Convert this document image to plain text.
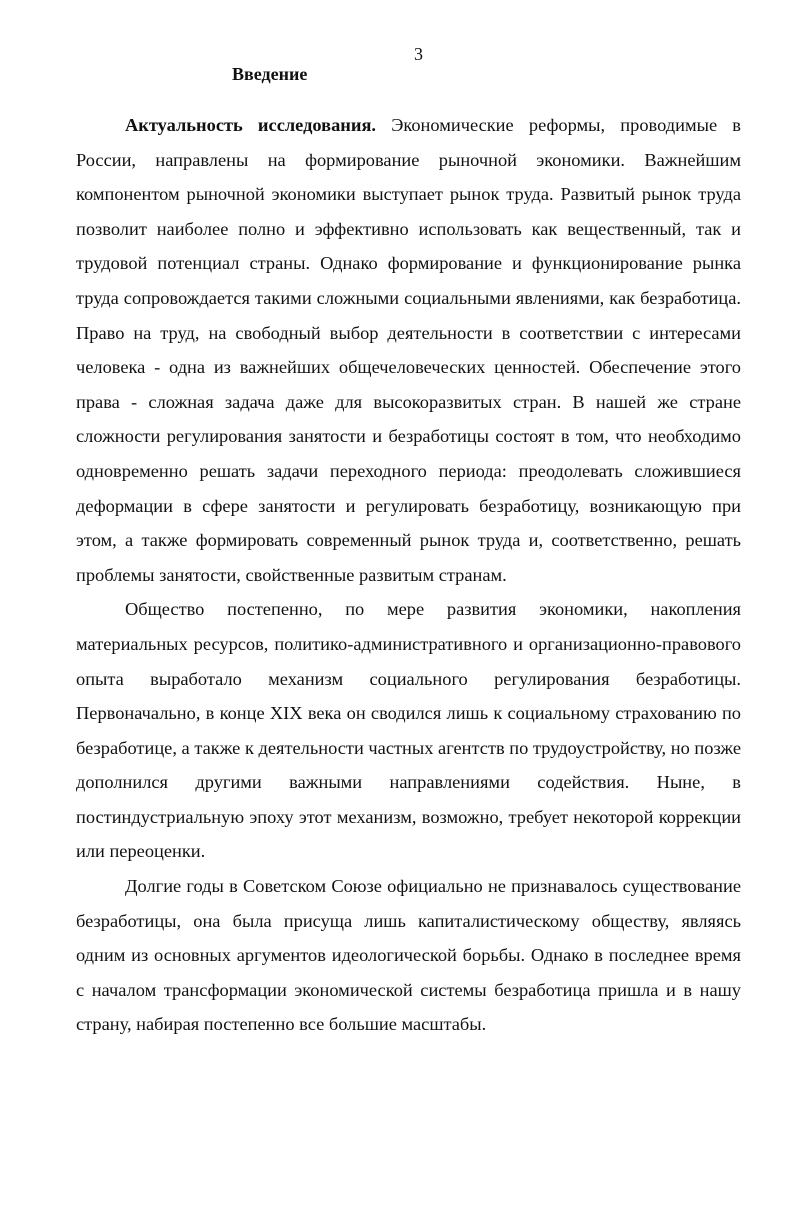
3
Введение

Актуальность исследования. Экономические реформы, проводимые в России, направлены на формирование рыночной экономики. Важнейшим компонентом рыночной экономики выступает рынок труда. Развитый рынок труда позволит наиболее полно и эффективно использовать как вещественный, так и трудовой потенциал страны. Однако формирование и функционирование рынка труда сопровождается такими сложными социальными явлениями, как безработица. Право на труд, на свободный выбор деятельности в соответствии с интересами человека - одна из важнейших общечеловеческих ценностей. Обеспечение этого права - сложная задача даже для высокоразвитых стран. В нашей же стране сложности регулирования занятости и безработицы состоят в том, что необходимо одновременно решать задачи переходного периода: преодолевать сложившиеся деформации в сфере занятости и регулировать безработицу, возникающую при этом, а также формировать современный рынок труда и, соответственно, решать проблемы занятости, свойственные развитым странам.

Общество постепенно, по мере развития экономики, накопления материальных ресурсов, политико-административного и организационно-правового опыта выработало механизм социального регулирования безработицы. Первоначально, в конце XIX века он сводился лишь к социальному страхованию по безработице, а также к деятельности частных агентств по трудоустройству, но позже дополнился другими важными направлениями содействия. Ныне, в постиндустриальную эпоху этот механизм, возможно, требует некоторой коррекции или переоценки.

Долгие годы в Советском Союзе официально не признавалось существование безработицы, она была присуща лишь капиталистическому обществу, являясь одним из основных аргументов идеологической борьбы. Однако в последнее время с началом трансформации экономической системы безработица пришла и в нашу страну, набирая постепенно все большие масштабы.
